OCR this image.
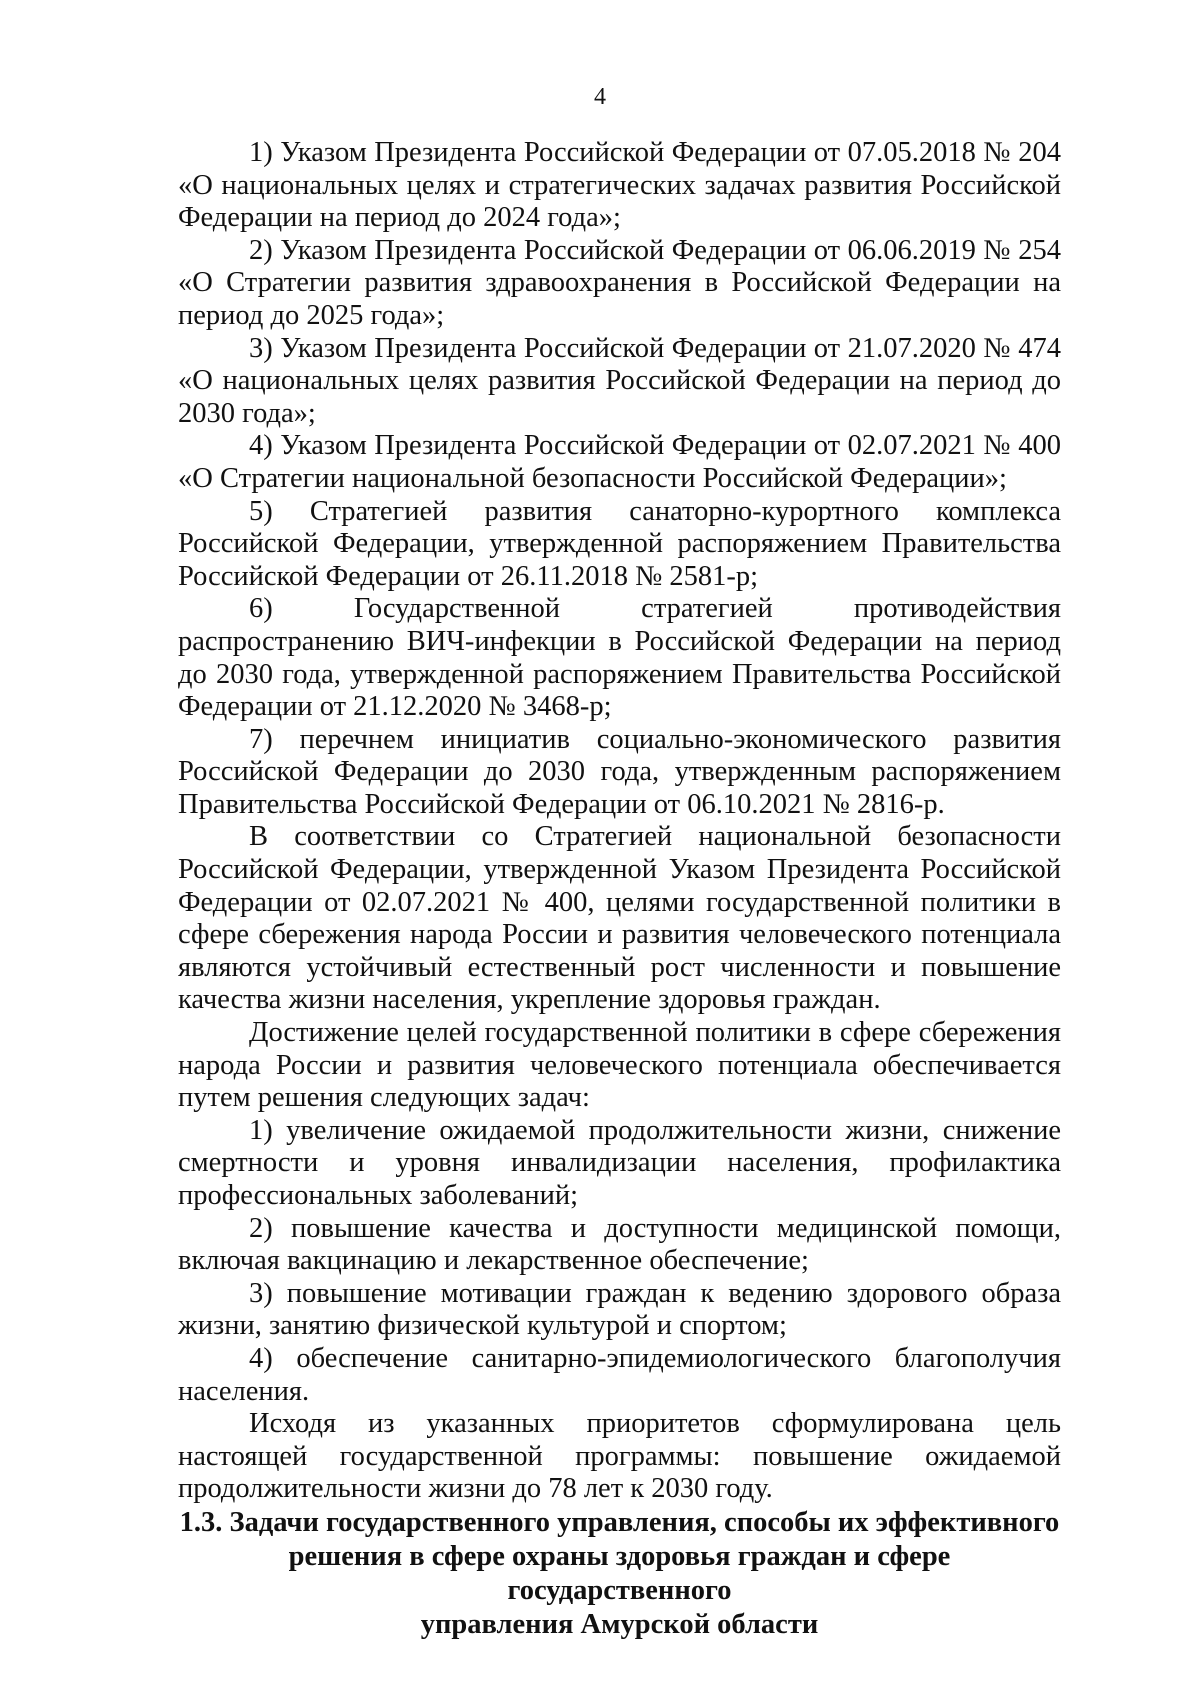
4

1) Указом Президента Российской Федерации от 07.05.2018 № 204 «О национальных целях и стратегических задачах развития Российской Федерации на период до 2024 года»;

2) Указом Президента Российской Федерации от 06.06.2019 № 254 «О Стратегии развития здравоохранения в Российской Федерации на период до 2025 года»;

3) Указом Президента Российской Федерации от 21.07.2020 № 474 «О национальных целях развития Российской Федерации на период до 2030 года»;

4) Указом Президента Российской Федерации от 02.07.2021 № 400 «О Стратегии национальной безопасности Российской Федерации»;

5) Стратегией развития санаторно-курортного комплекса Российской Федерации, утвержденной распоряжением Правительства Российской Федерации от 26.11.2018 № 2581-р;

6) Государственной стратегией противодействия распространению ВИЧ-инфекции в Российской Федерации на период до 2030 года, утвержденной распоряжением Правительства Российской Федерации от 21.12.2020 № 3468-р;

7) перечнем инициатив социально-экономического развития Российской Федерации до 2030 года, утвержденным распоряжением Правительства Российской Федерации от 06.10.2021 № 2816-р.

В соответствии со Стратегией национальной безопасности Российской Федерации, утвержденной Указом Президента Российской Федерации от 02.07.2021 № 400, целями государственной политики в сфере сбережения народа России и развития человеческого потенциала являются устойчивый естественный рост численности и повышение качества жизни населения, укрепление здоровья граждан.

Достижение целей государственной политики в сфере сбережения народа России и развития человеческого потенциала обеспечивается путем решения следующих задач:

1) увеличение ожидаемой продолжительности жизни, снижение смертности и уровня инвалидизации населения, профилактика профессиональных заболеваний;

2) повышение качества и доступности медицинской помощи, включая вакцинацию и лекарственное обеспечение;

3) повышение мотивации граждан к ведению здорового образа жизни, занятию физической культурой и спортом;

4) обеспечение санитарно-эпидемиологического благополучия населения.

Исходя из указанных приоритетов сформулирована цель настоящей государственной программы: повышение ожидаемой продолжительности жизни до 78 лет к 2030 году.

1.3. Задачи государственного управления, способы их эффективного
решения в сфере охраны здоровья граждан и сфере государственного
управления Амурской области
